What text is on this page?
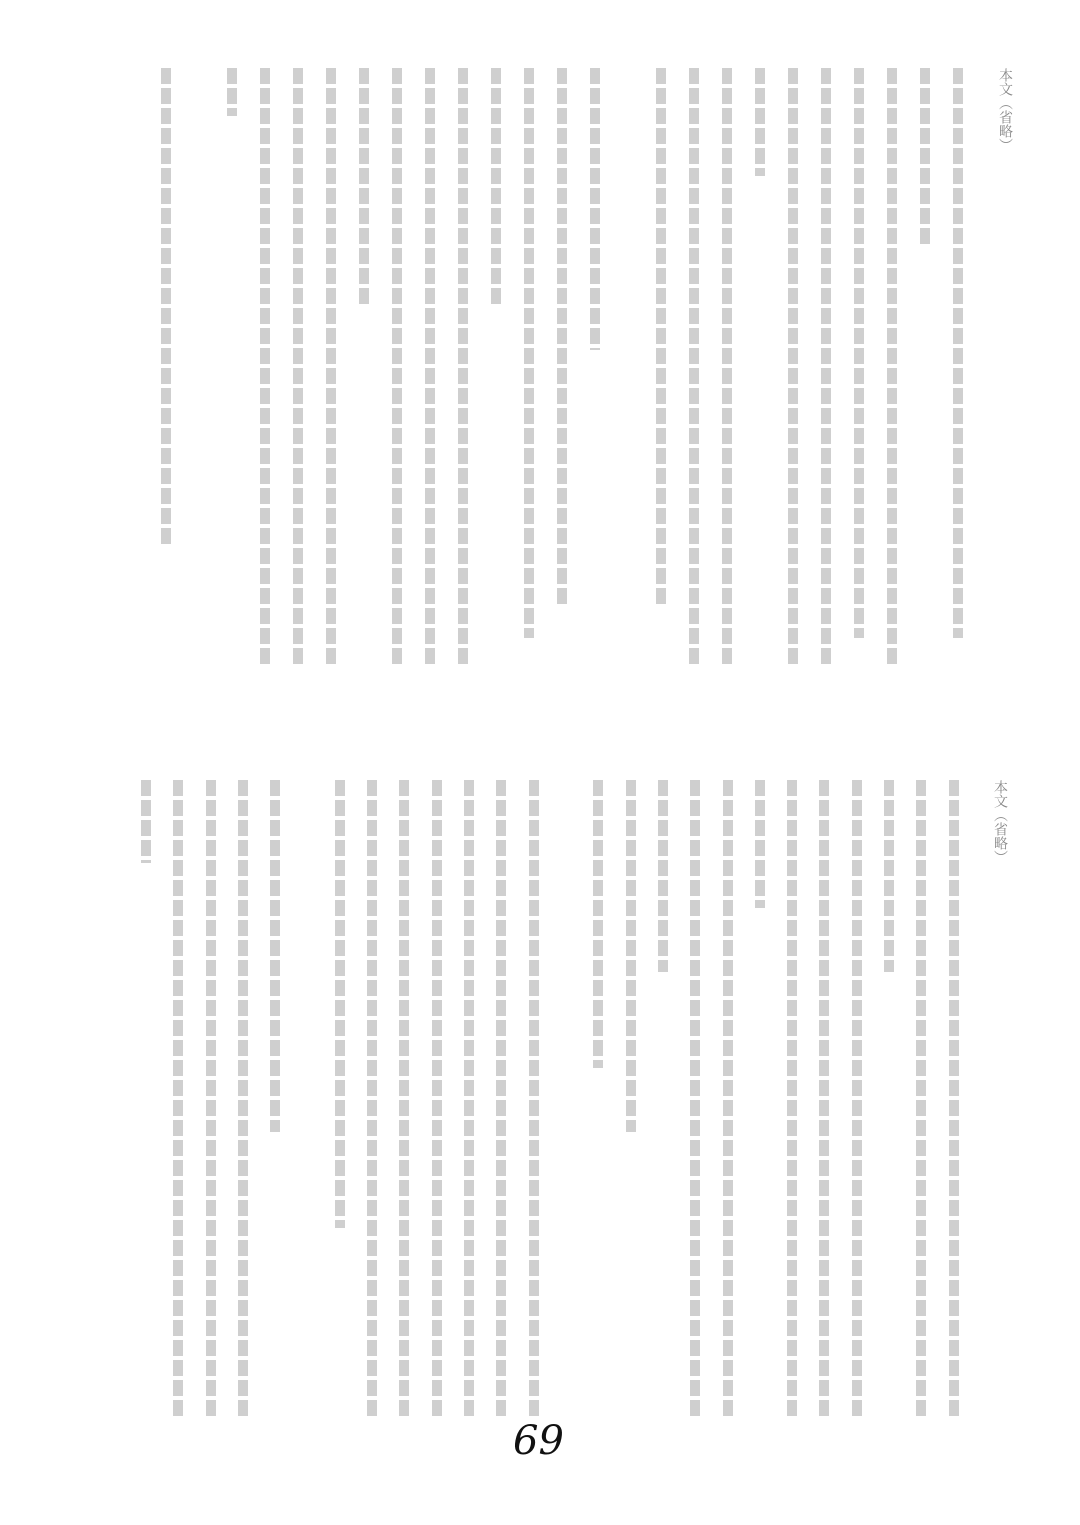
本文（省略）
本文（省略）
69
